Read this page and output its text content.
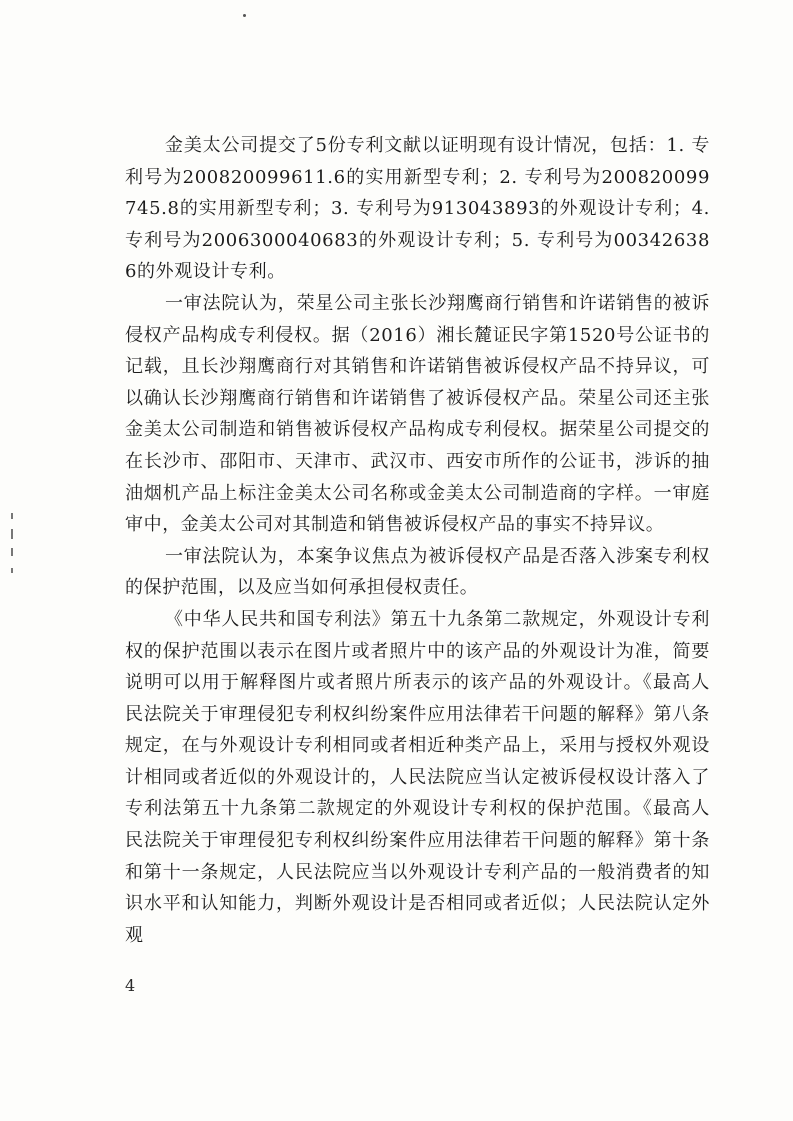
金美太公司提交了5份专利文献以证明现有设计情况，包括：1. 专利号为200820099611.6的实用新型专利；2. 专利号为200820099745.8的实用新型专利；3. 专利号为913043893的外观设计专利；4. 专利号为2006300040683的外观设计专利；5. 专利号为003426386的外观设计专利。

一审法院认为，荣星公司主张长沙翔鹰商行销售和许诺销售的被诉侵权产品构成专利侵权。据（2016）湘长麓证民字第1520号公证书的记载，且长沙翔鹰商行对其销售和许诺销售被诉侵权产品不持异议，可以确认长沙翔鹰商行销售和许诺销售了被诉侵权产品。荣星公司还主张金美太公司制造和销售被诉侵权产品构成专利侵权。据荣星公司提交的在长沙市、邵阳市、天津市、武汉市、西安市所作的公证书，涉诉的抽油烟机产品上标注金美太公司名称或金美太公司制造商的字样。一审庭审中，金美太公司对其制造和销售被诉侵权产品的事实不持异议。

一审法院认为，本案争议焦点为被诉侵权产品是否落入涉案专利权的保护范围，以及应当如何承担侵权责任。

《中华人民共和国专利法》第五十九条第二款规定，外观设计专利权的保护范围以表示在图片或者照片中的该产品的外观设计为准，简要说明可以用于解释图片或者照片所表示的该产品的外观设计。《最高人民法院关于审理侵犯专利权纠纷案件应用法律若干问题的解释》第八条规定，在与外观设计专利相同或者相近种类产品上，采用与授权外观设计相同或者近似的外观设计的，人民法院应当认定被诉侵权设计落入了专利法第五十九条第二款规定的外观设计专利权的保护范围。《最高人民法院关于审理侵犯专利权纠纷案件应用法律若干问题的解释》第十条和第十一条规定，人民法院应当以外观设计专利产品的一般消费者的知识水平和认知能力，判断外观设计是否相同或者近似；人民法院认定外观

4
